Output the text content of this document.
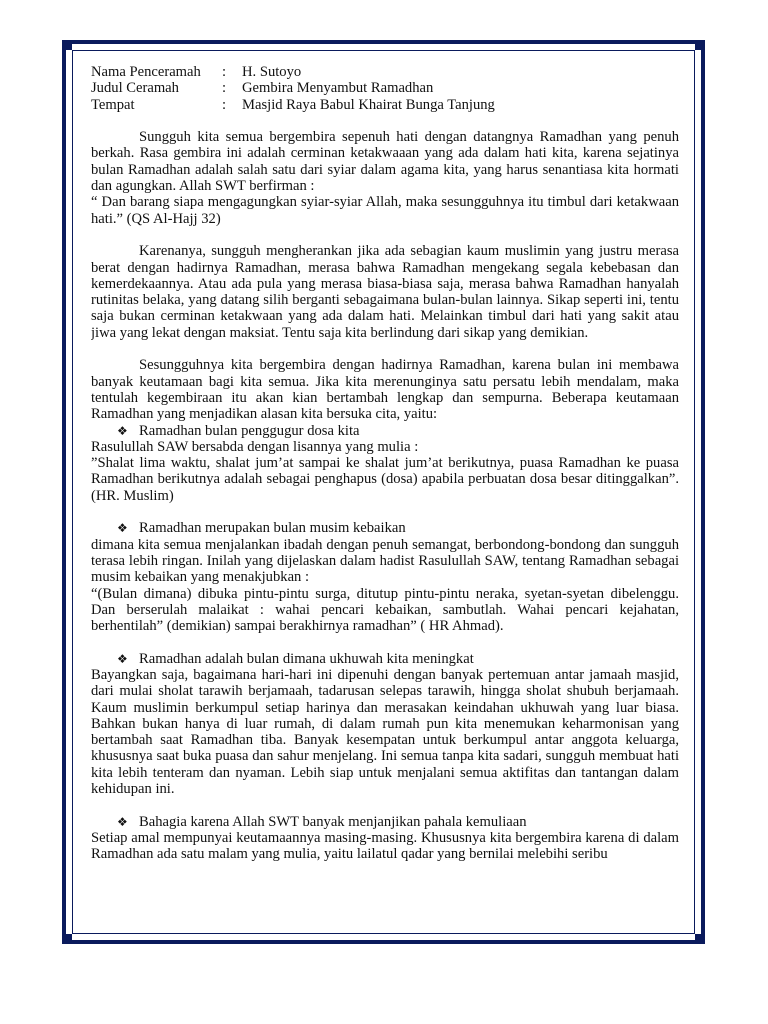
Nama Penceramah	:	H. Sutoyo
Judul Ceramah	:	Gembira Menyambut Ramadhan
Tempat	:	Masjid Raya Babul Khairat Bunga Tanjung

Sungguh kita semua bergembira sepenuh hati dengan datangnya Ramadhan yang penuh berkah. Rasa gembira ini adalah cerminan ketakwaaan yang ada dalam hati kita, karena sejatinya bulan Ramadhan adalah salah satu dari syiar dalam agama kita, yang harus senantiasa kita hormati dan agungkan. Allah SWT berfirman :

“ Dan barang siapa mengagungkan syiar-syiar Allah, maka sesungguhnya itu timbul dari ketakwaan hati.” (QS Al-Hajj 32)

Karenanya, sungguh mengherankan jika ada sebagian kaum muslimin yang justru merasa berat dengan hadirnya Ramadhan, merasa bahwa Ramadhan mengekang segala kebebasan dan kemerdekaannya. Atau ada pula yang merasa biasa-biasa saja, merasa bahwa Ramadhan hanyalah rutinitas belaka, yang datang silih berganti sebagaimana bulan-bulan lainnya. Sikap seperti ini, tentu saja bukan cerminan ketakwaan yang ada dalam hati. Melainkan timbul dari hati yang sakit atau jiwa yang lekat dengan maksiat. Tentu saja kita berlindung dari sikap yang demikian.

Sesungguhnya kita bergembira dengan hadirnya Ramadhan, karena bulan ini membawa banyak keutamaan bagi kita semua. Jika kita merenunginya satu persatu lebih mendalam, maka tentulah kegembiraan itu akan kian bertambah lengkap dan sempurna. Beberapa keutamaan Ramadhan yang menjadikan alasan kita bersuka cita, yaitu:

❖ Ramadhan bulan penggugur dosa kita

Rasulullah SAW bersabda dengan lisannya yang mulia :

”Shalat lima waktu, shalat jum’at sampai ke shalat jum’at berikutnya, puasa Ramadhan ke puasa Ramadhan berikutnya adalah sebagai penghapus (dosa) apabila perbuatan dosa besar ditinggalkan”. (HR. Muslim)

❖ Ramadhan merupakan bulan musim kebaikan

dimana kita semua menjalankan ibadah dengan penuh semangat, berbondong-bondong dan sungguh terasa lebih ringan. Inilah yang dijelaskan dalam hadist Rasulullah SAW, tentang Ramadhan sebagai musim kebaikan yang menakjubkan :

“(Bulan dimana) dibuka pintu-pintu surga, ditutup pintu-pintu neraka, syetan-syetan dibelenggu. Dan berserulah malaikat : wahai pencari kebaikan, sambutlah. Wahai pencari kejahatan, berhentilah” (demikian) sampai berakhirnya ramadhan” ( HR Ahmad).

❖ Ramadhan adalah bulan dimana ukhuwah kita meningkat

Bayangkan saja, bagaimana hari-hari ini dipenuhi dengan banyak pertemuan antar jamaah masjid, dari mulai sholat tarawih berjamaah, tadarusan selepas tarawih, hingga sholat shubuh berjamaah. Kaum muslimin berkumpul setiap harinya dan merasakan keindahan ukhuwah yang luar biasa. Bahkan bukan hanya di luar rumah, di dalam rumah pun kita menemukan keharmonisan yang bertambah saat Ramadhan tiba. Banyak kesempatan untuk berkumpul antar anggota keluarga, khususnya saat buka puasa dan sahur menjelang. Ini semua tanpa kita sadari, sungguh membuat hati kita lebih tenteram dan nyaman. Lebih siap untuk menjalani semua aktifitas dan tantangan dalam kehidupan ini.

❖ Bahagia karena Allah SWT banyak menjanjikan pahala kemuliaan

Setiap amal mempunyai keutamaannya masing-masing. Khususnya kita bergembira karena di dalam Ramadhan ada satu malam yang mulia, yaitu lailatul qadar yang bernilai melebihi seribu
